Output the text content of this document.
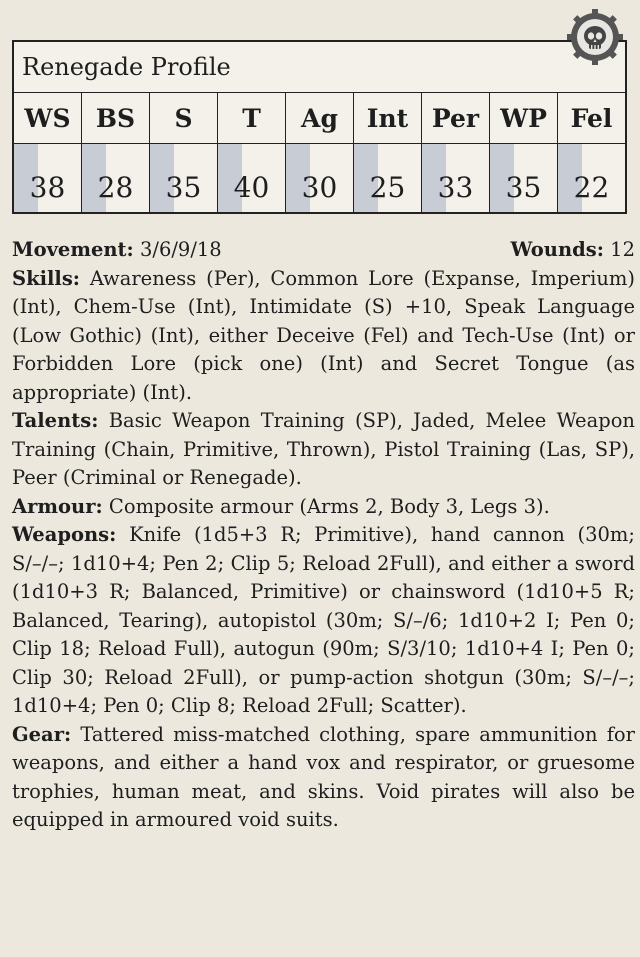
Renegade Profile
WS	BS	S	T	Ag	Int Per WP Fel
38 28 35 40 30 25 33 35 22

Movement: 3/6/9/18	Wounds: 12

Skills: Awareness (Per), Common Lore (Expanse, Imperium) (Int), Chem-Use (Int), Intimidate (S) +10, Speak Language (Low Gothic) (Int), either Deceive (Fel) and Tech-Use (Int) or Forbidden Lore (pick one) (Int) and Secret Tongue (as appropriate) (Int).

Talents: Basic Weapon Training (SP), Jaded, Melee Weapon Training (Chain, Primitive, Thrown), Pistol Training (Las, SP), Peer (Criminal or Renegade).

Armour: Composite armour (Arms 2, Body 3, Legs 3).

Weapons: Knife (1d5+3 R; Primitive), hand cannon (30m; S/–/–; 1d10+4; Pen 2; Clip 5; Reload 2Full), and either a sword (1d10+3 R; Balanced, Primitive) or chainsword (1d10+5 R; Balanced, Tearing), autopistol (30m; S/–/6; 1d10+2 I; Pen 0; Clip 18; Reload Full), autogun (90m; S/3/10; 1d10+4 I; Pen 0; Clip 30; Reload 2Full), or pump-action shotgun (30m; S/–/–; 1d10+4; Pen 0; Clip 8; Reload 2Full; Scatter).

Gear: Tattered miss-matched clothing, spare ammunition for weapons, and either a hand vox and respirator, or gruesome trophies, human meat, and skins. Void pirates will also be equipped in armoured void suits.
